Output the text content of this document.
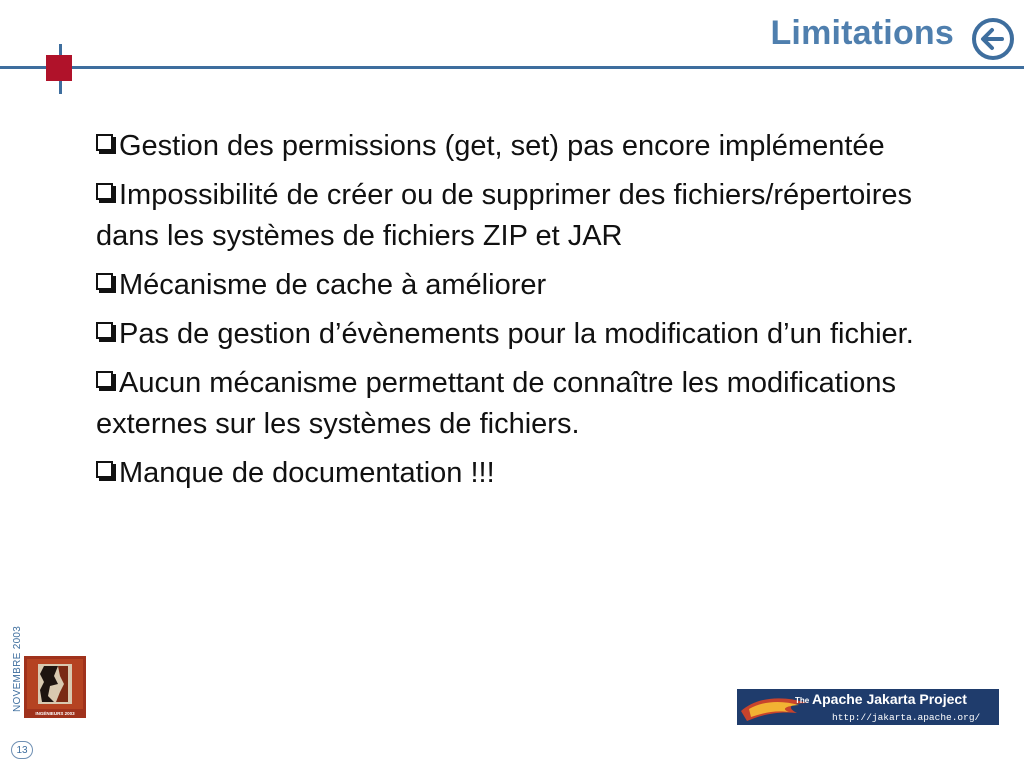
Limitations
Gestion des permissions (get, set) pas encore implémentée
Impossibilité de créer ou de supprimer des fichiers/répertoires dans les systèmes de fichiers ZIP et JAR
Mécanisme de cache à améliorer
Pas de gestion d’évènements pour la modification d’un fichier.
Aucun mécanisme permettant de connaître les modifications externes sur les systèmes de fichiers.
Manque de documentation !!!
NOVEMBRE 2003
INGÉNIEURS 2003
The Apache Jakarta Project
http://jakarta.apache.org/
13
